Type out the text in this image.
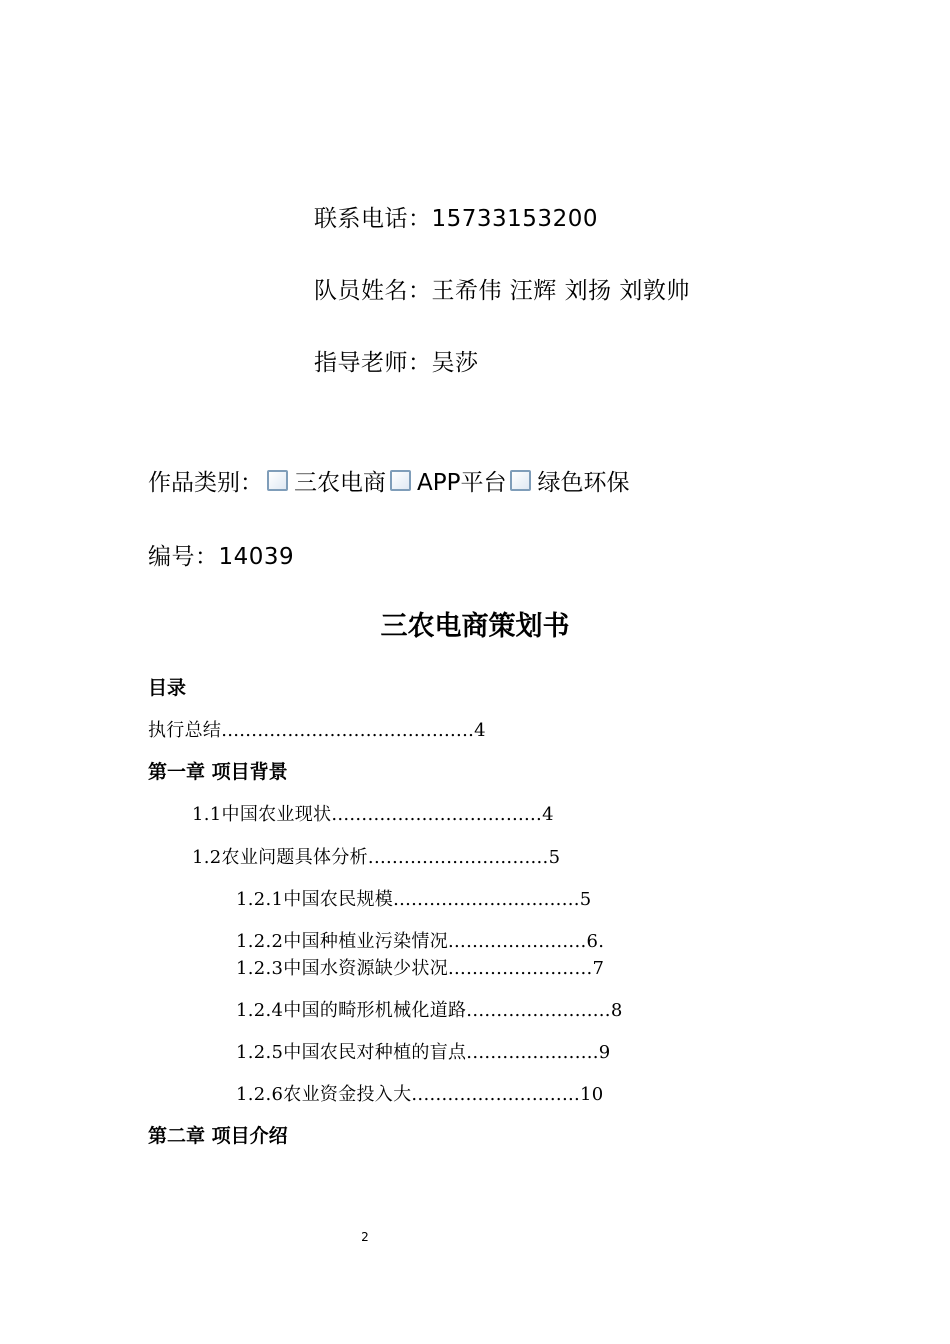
联系电话：15733153200
队员姓名：王希伟 汪辉 刘扬 刘敦帅
指导老师：吴莎
作品类别： 三农电商 APP平台 绿色环保
编号：14039
三农电商策划书
目录
执行总结..........................................4
第一章 项目背景
1.1中国农业现状...................................4
1.2农业问题具体分析..............................5
1.2.1中国农民规模...............................5
1.2.2中国种植业污染情况.......................6.
1.2.3中国水资源缺少状况........................7
1.2.4中国的畸形机械化道路........................8
1.2.5中国农民对种植的盲点......................9
1.2.6农业资金投入大............................10
第二章 项目介绍
2
